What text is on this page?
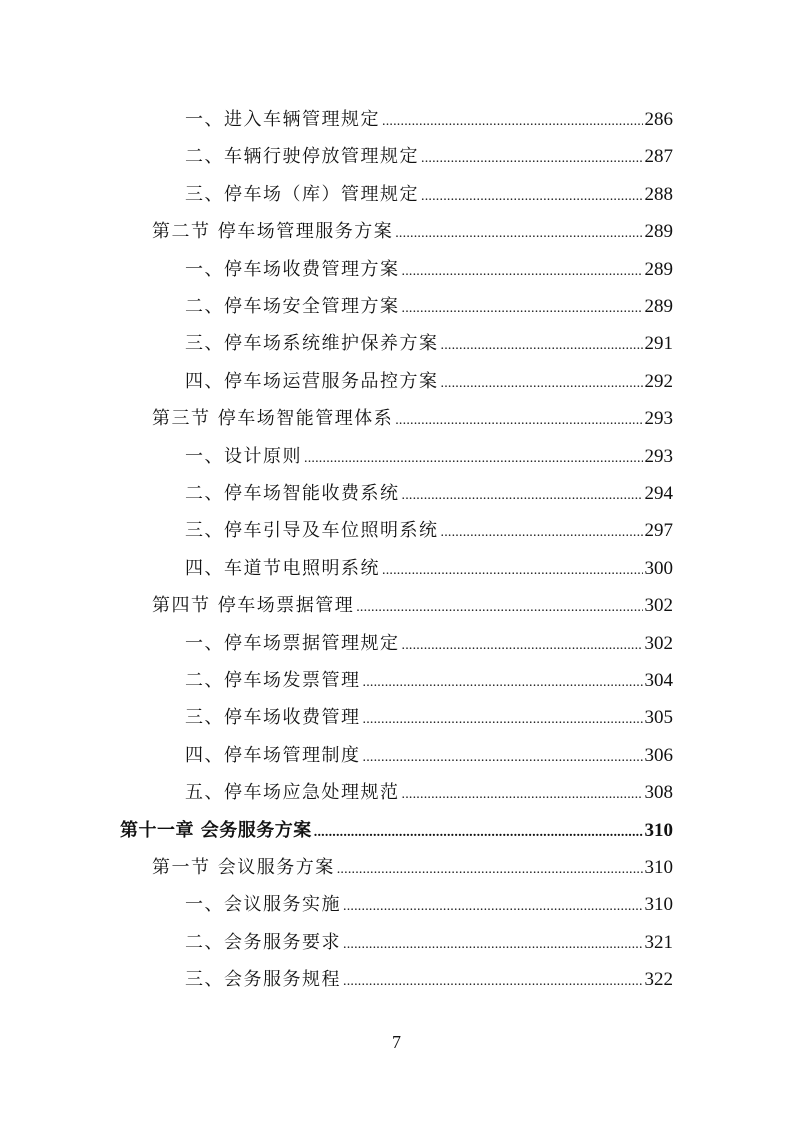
一、进入车辆管理规定 .....	286
二、车辆行驶停放管理规定 .....	287
三、停车场（库）管理规定 .....	288
第二节 停车场管理服务方案 .....	289
一、停车场收费管理方案 .....	289
二、停车场安全管理方案 .....	289
三、停车场系统维护保养方案 .....	291
四、停车场运营服务品控方案 .....	292
第三节 停车场智能管理体系 .....	293
一、设计原则 .....	293
二、停车场智能收费系统 .....	294
三、停车引导及车位照明系统 .....	297
四、车道节电照明系统 .....	300
第四节 停车场票据管理 .....	302
一、停车场票据管理规定 .....	302
二、停车场发票管理 .....	304
三、停车场收费管理 .....	305
四、停车场管理制度 .....	306
五、停车场应急处理规范 .....	308
第十一章 会务服务方案 .....	310
第一节 会议服务方案 .....	310
一、会议服务实施 .....	310
二、会务服务要求 .....	321
三、会务服务规程 .....	322
7
